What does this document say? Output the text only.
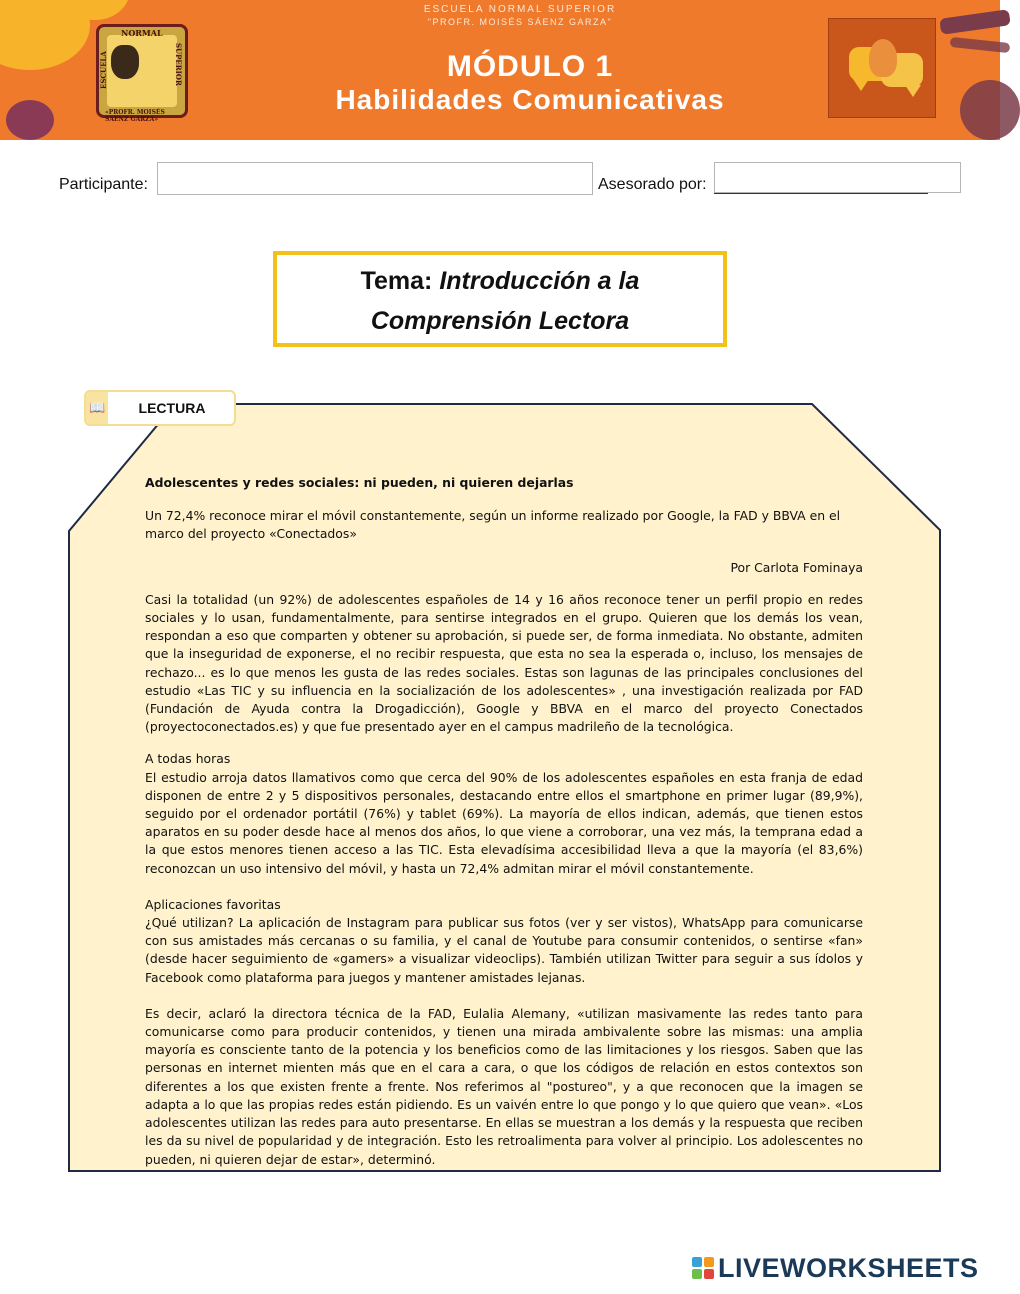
NORMAL
ESCUELA	SUPERIOR
«PROFR. MOISÉS SÁENZ GARZA»
ESCUELA NORMAL SUPERIOR
"PROFR. MOISÉS SÁENZ GARZA"
MÓDULO 1
Habilidades Comunicativas
Participante:	Asesorado por:
Tema: Introducción a la
Comprensión Lectora
📖	LECTURA

Adolescentes y redes sociales: ni pueden, ni quieren dejarlas

Un 72,4% reconoce mirar el móvil constantemente, según un informe realizado por Google, la FAD y BBVA en el marco del proyecto «Conectados»

Por Carlota Fominaya

Casi la totalidad (un 92%) de adolescentes españoles de 14 y 16 años reconoce tener un perfil propio en redes sociales y lo usan, fundamentalmente, para sentirse integrados en el grupo. Quieren que los demás los vean, respondan a eso que comparten y obtener su aprobación, si puede ser, de forma inmediata. No obstante, admiten que la inseguridad de exponerse, el no recibir respuesta, que esta no sea la esperada o, incluso, los mensajes de rechazo... es lo que menos les gusta de las redes sociales. Estas son lagunas de las principales conclusiones del estudio «Las TIC y su influencia en la socialización de los adolescentes» , una investigación realizada por FAD (Fundación de Ayuda contra la Drogadicción), Google y BBVA en el marco del proyecto Conectados (proyectoconectados.es) y que fue presentado ayer en el campus madrileño de la tecnológica.

A todas horas

El estudio arroja datos llamativos como que cerca del 90% de los adolescentes españoles en esta franja de edad disponen de entre 2 y 5 dispositivos personales, destacando entre ellos el smartphone en primer lugar (89,9%), seguido por el ordenador portátil (76%) y tablet (69%). La mayoría de ellos indican, además, que tienen estos aparatos en su poder desde hace al menos dos años, lo que viene a corroborar, una vez más, la temprana edad a la que estos menores tienen acceso a las TIC. Esta elevadísima accesibilidad lleva a que la mayoría (el 83,6%) reconozcan un uso intensivo del móvil, y hasta un 72,4% admitan mirar el móvil constantemente.

Aplicaciones favoritas

¿Qué utilizan? La aplicación de Instagram para publicar sus fotos (ver y ser vistos), WhatsApp para comunicarse con sus amistades más cercanas o su familia, y el canal de Youtube para consumir contenidos, o sentirse «fan» (desde hacer seguimiento de «gamers» a visualizar videoclips). También utilizan Twitter para seguir a sus ídolos y Facebook como plataforma para juegos y mantener amistades lejanas.

Es decir, aclaró la directora técnica de la FAD, Eulalia Alemany, «utilizan masivamente las redes tanto para comunicarse como para producir contenidos, y tienen una mirada ambivalente sobre las mismas: una amplia mayoría es consciente tanto de la potencia y los beneficios como de las limitaciones y los riesgos. Saben que las personas en internet mienten más que en el cara a cara, o que los códigos de relación en estos contextos son diferentes a los que existen frente a frente. Nos referimos al "postureo", y a que reconocen que la imagen se adapta a lo que las propias redes están pidiendo. Es un vaivén entre lo que pongo y lo que quiero que vean». «Los adolescentes utilizan las redes para auto presentarse. En ellas se muestran a los demás y la respuesta que reciben les da su nivel de popularidad y de integración. Esto les retroalimenta para volver al principio. Los adolescentes no pueden, ni quieren dejar de estar», determinó.

LIVEWORKSHEETS
